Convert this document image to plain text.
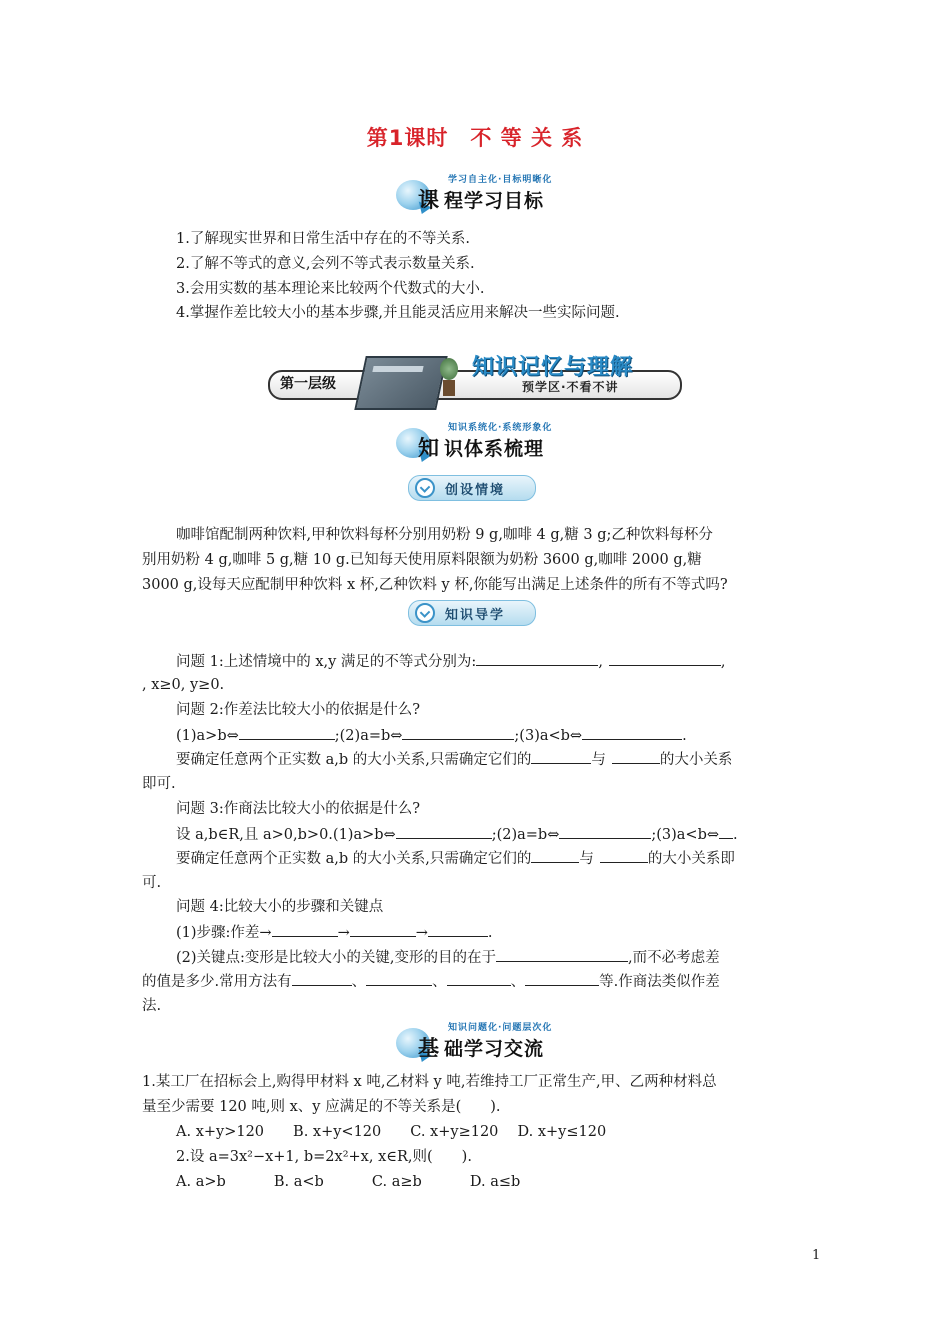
第1课时　不 等 关 系
学习自主化·目标明晰化
课 程学习目标
1.了解现实世界和日常生活中存在的不等关系.
2.了解不等式的意义,会列不等式表示数量关系.
3.会用实数的基本理论来比较两个代数式的大小.
4.掌握作差比较大小的基本步骤,并且能灵活应用来解决一些实际问题.
第一层级
知识记忆与理解
预学区·不看不讲
知识系统化·系统形象化
知 识体系梳理
创设情境
咖啡馆配制两种饮料,甲种饮料每杯分别用奶粉 9 g,咖啡 4 g,糖 3 g;乙种饮料每杯分
别用奶粉 4 g,咖啡 5 g,糖 10 g.已知每天使用原料限额为奶粉 3600 g,咖啡 2000 g,糖
3000 g,设每天应配制甲种饮料 x 杯,乙种饮料 y 杯,你能写出满足上述条件的所有不等式吗?
知识导学
问题 1:上述情境中的 x,y 满足的不等式分别为:	,	,
, x≥0, y≥0.
问题 2:作差法比较大小的依据是什么?
(1)a>b⇔	;(2)a=b⇔	;(3)a<b⇔	.
要确定任意两个正实数 a,b 的大小关系,只需确定它们的	与	的大小关系
即可.
问题 3:作商法比较大小的依据是什么?
设 a,b∈R,且 a>0,b>0.(1)a>b⇔	;(2)a=b⇔	;(3)a<b⇔ .
要确定任意两个正实数 a,b 的大小关系,只需确定它们的	与	的大小关系即
可.
问题 4:比较大小的步骤和关键点
(1)步骤:作差→	→	→	.
(2)关键点:变形是比较大小的关键,变形的目的在于	,而不必考虑差
的值是多少.常用方法有	、	、	、	等.作商法类似作差
法.
知识问题化·问题层次化
基 础学习交流
1.某工厂在招标会上,购得甲材料 x 吨,乙材料 y 吨,若维持工厂正常生产,甲、乙两种材料总
量至少需要 120 吨,则 x、y 应满足的不等关系是(　　).
A. x+y>120　　B. x+y<120　　C. x+y≥120　 D. x+y≤120
2.设 a=3x²−x+1, b=2x²+x, x∈R,则(　　).
A. a>b　　　 B. a<b　　　 C. a≥b　　　 D. a≤b
1
